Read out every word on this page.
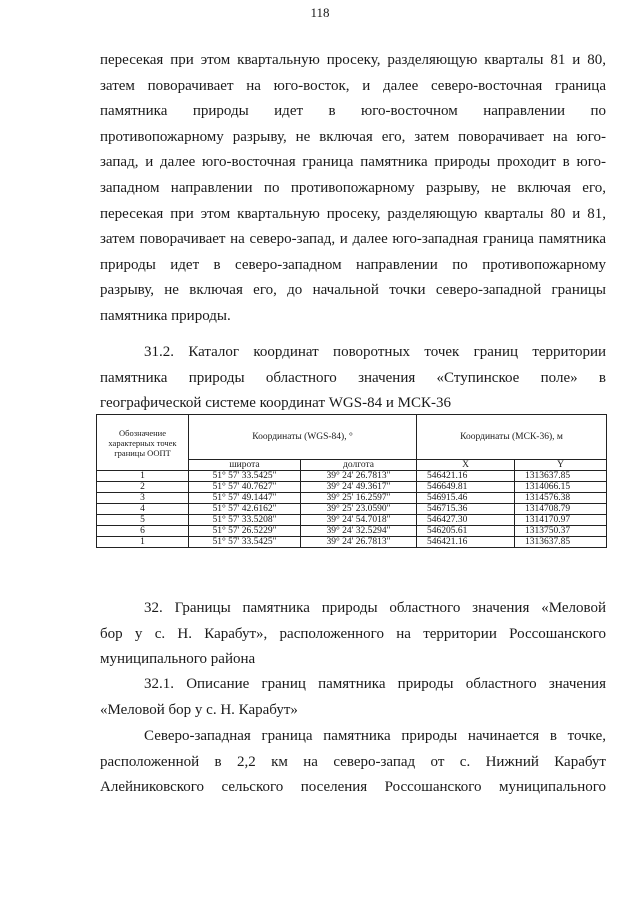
118
пересекая при этом квартальную просеку, разделяющую кварталы 81 и 80,
затем поворачивает на юго-восток, и далее северо-восточная граница
памятника природы идет в юго-восточном направлении по
противопожарному разрыву, не включая его, затем поворачивает на юго-
запад, и далее юго-восточная граница памятника природы проходит в юго-
западном направлении по противопожарному разрыву, не включая его,
пересекая при этом квартальную просеку, разделяющую кварталы 80 и 81,
затем поворачивает на северо-запад, и далее юго-западная граница памятника
природы идет в северо-западном направлении по противопожарному
разрыву, не включая его, до начальной точки северо-западной границы
памятника природы.
31.2. Каталог координат поворотных точек границ территории
памятника природы областного значения «Ступинское поле» в
географической системе координат WGS-84 и МСК-36
Обозначение характерных точек границы ООПТ	Координаты (WGS-84), °		Координаты (МСК-36), м	
	широта	долгота	X	Y
1	51° 57' 33.5425"	39° 24' 26.7813"	546421.16	1313637.85
2	51° 57' 40.7627"	39° 24' 49.3617"	546649.81	1314066.15
3	51° 57' 49.1447"	39° 25' 16.2597"	546915.46	1314576.38
4	51° 57' 42.6162"	39° 25' 23.0590"	546715.36	1314708.79
5	51° 57' 33.5208"	39° 24' 54.7018"	546427.30	1314170.97
6	51° 57' 26.5229"	39° 24' 32.5294"	546205.61	1313750.37
1	51° 57' 33.5425"	39° 24' 26.7813"	546421.16	1313637.85
32. Границы памятника природы областного значения «Меловой
бор у с. Н. Карабут», расположенного на территории Россошанского
муниципального района
32.1. Описание границ памятника природы областного значения
«Меловой бор у с. Н. Карабут»
Северо-западная граница памятника природы начинается в точке,
расположенной в 2,2 км на северо-запад от с. Нижний Карабут
Алейниковского сельского поселения Россошанского муниципального
